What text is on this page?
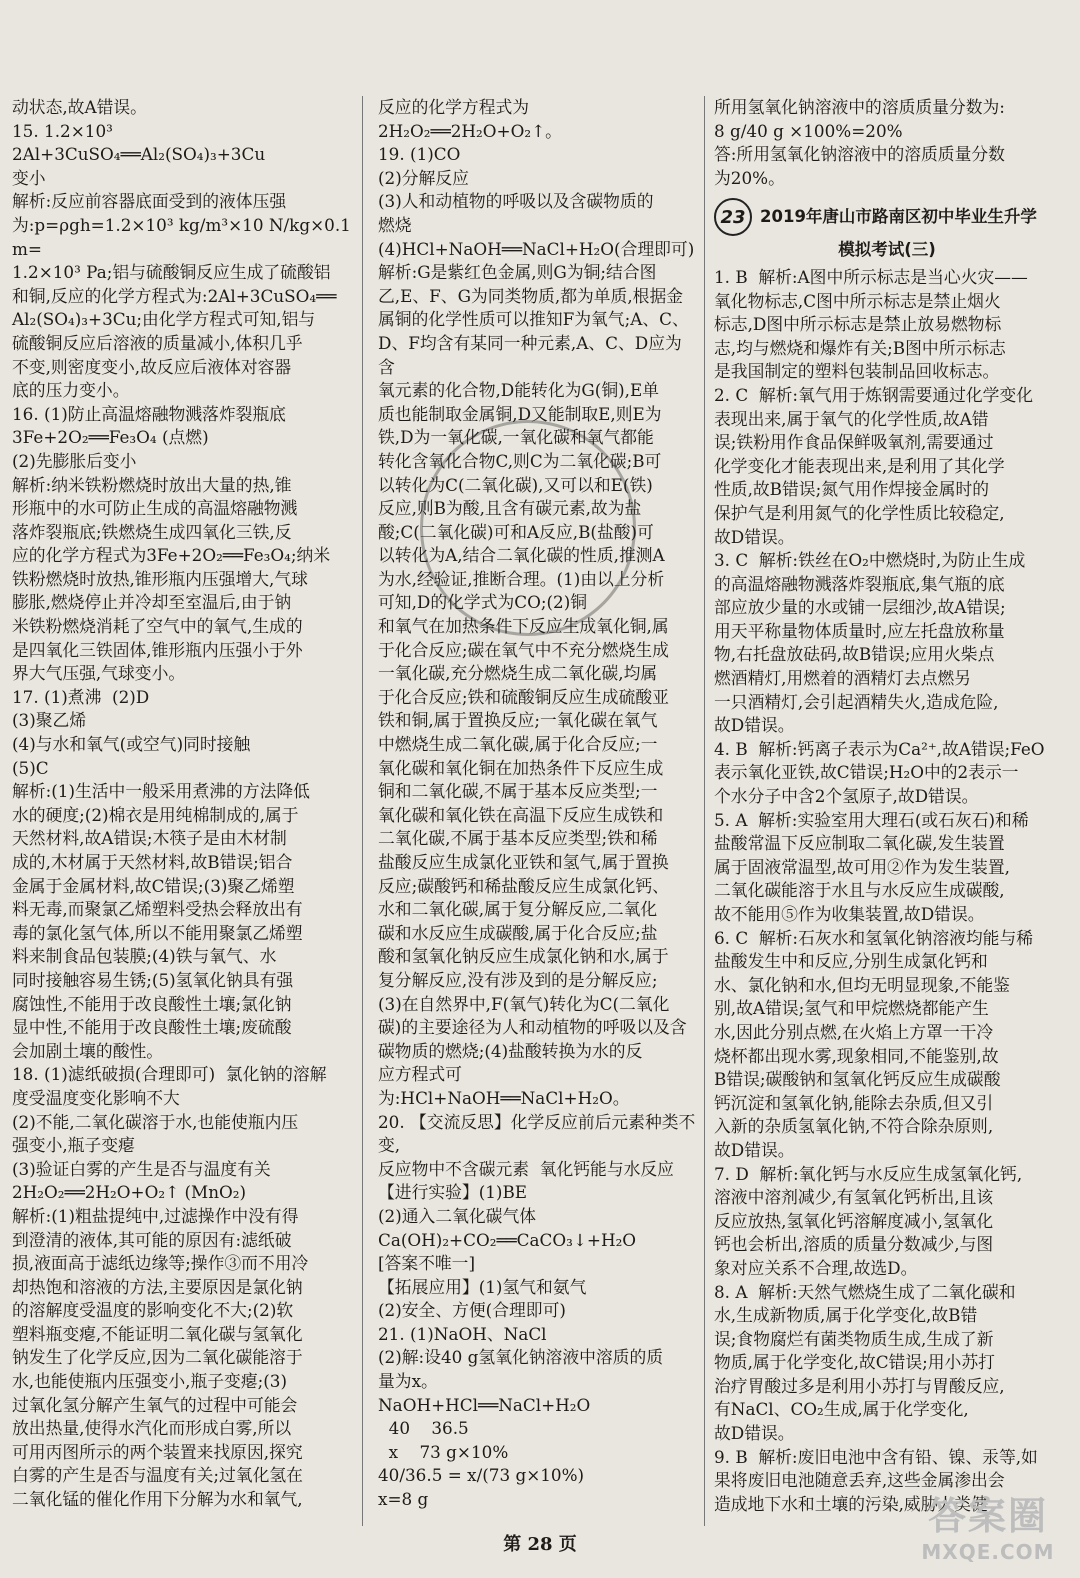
动状态,故A错误。

15. 1.2×10³  2Al+3CuSO₄══Al₂(SO₄)₃+3Cu

变小

解析:反应前容器底面受到的液体压强

为:p=ρgh=1.2×10³ kg/m³×10 N/kg×0.1 m=

1.2×10³ Pa;铝与硫酸铜反应生成了硫酸铝

和铜,反应的化学方程式为:2Al+3CuSO₄══

Al₂(SO₄)₃+3Cu;由化学方程式可知,铝与

硫酸铜反应后溶液的质量减小,体积几乎

不变,则密度变小,故反应后液体对容器

底的压力变小。

16. (1)防止高温熔融物溅落炸裂瓶底

3Fe+2O₂══Fe₃O₄ (点燃)

(2)先膨胀后变小

解析:纳米铁粉燃烧时放出大量的热,锥

形瓶中的水可防止生成的高温熔融物溅

落炸裂瓶底;铁燃烧生成四氧化三铁,反

应的化学方程式为3Fe+2O₂══Fe₃O₄;纳米

铁粉燃烧时放热,锥形瓶内压强增大,气球

膨胀,燃烧停止并冷却至室温后,由于钠

米铁粉燃烧消耗了空气中的氧气,生成的

是四氧化三铁固体,锥形瓶内压强小于外

界大气压强,气球变小。

17. (1)煮沸  (2)D

(3)聚乙烯

(4)与水和氧气(或空气)同时接触

(5)C

解析:(1)生活中一般采用煮沸的方法降低

水的硬度;(2)棉衣是用纯棉制成的,属于

天然材料,故A错误;木筷子是由木材制

成的,木材属于天然材料,故B错误;铝合

金属于金属材料,故C错误;(3)聚乙烯塑

料无毒,而聚氯乙烯塑料受热会释放出有

毒的氯化氢气体,所以不能用聚氯乙烯塑

料来制食品包装膜;(4)铁与氧气、水

同时接触容易生锈;(5)氢氧化钠具有强

腐蚀性,不能用于改良酸性土壤;氯化钠

显中性,不能用于改良酸性土壤;废硫酸

会加剧土壤的酸性。

18. (1)滤纸破损(合理即可)  氯化钠的溶解

度受温度变化影响不大

(2)不能,二氧化碳溶于水,也能使瓶内压

强变小,瓶子变瘪

(3)验证白雾的产生是否与温度有关

2H₂O₂══2H₂O+O₂↑ (MnO₂)

解析:(1)粗盐提纯中,过滤操作中没有得

到澄清的液体,其可能的原因有:滤纸破

损,液面高于滤纸边缘等;操作③而不用冷

却热饱和溶液的方法,主要原因是氯化钠

的溶解度受温度的影响变化不大;(2)软

塑料瓶变瘪,不能证明二氧化碳与氢氧化

钠发生了化学反应,因为二氧化碳能溶于

水,也能使瓶内压强变小,瓶子变瘪;(3)

过氧化氢分解产生氧气的过程中可能会

放出热量,使得水汽化而形成白雾,所以

可用丙图所示的两个装置来找原因,探究

白雾的产生是否与温度有关;过氧化氢在

二氧化锰的催化作用下分解为水和氧气,

反应的化学方程式为2H₂O₂══2H₂O+O₂↑。

19. (1)CO

(2)分解反应

(3)人和动植物的呼吸以及含碳物质的

燃烧

(4)HCl+NaOH══NaCl+H₂O(合理即可)

解析:G是紫红色金属,则G为铜;结合图

乙,E、F、G为同类物质,都为单质,根据金

属铜的化学性质可以推知F为氧气;A、C、

D、F均含有某同一种元素,A、C、D应为含

氧元素的化合物,D能转化为G(铜),E单

质也能制取金属铜,D又能制取E,则E为

铁,D为一氧化碳,一氧化碳和氧气都能

转化含氧化合物C,则C为二氧化碳;B可

以转化为C(二氧化碳),又可以和E(铁)

反应,则B为酸,且含有碳元素,故为盐

酸;C(二氧化碳)可和A反应,B(盐酸)可

以转化为A,结合二氧化碳的性质,推测A

为水,经验证,推断合理。(1)由以上分析

可知,D的化学式为CO;(2)铜

和氧气在加热条件下反应生成氧化铜,属

于化合反应;碳在氧气中不充分燃烧生成

一氧化碳,充分燃烧生成二氧化碳,均属

于化合反应;铁和硫酸铜反应生成硫酸亚

铁和铜,属于置换反应;一氧化碳在氧气

中燃烧生成二氧化碳,属于化合反应;一

氧化碳和氧化铜在加热条件下反应生成

铜和二氧化碳,不属于基本反应类型;一

氧化碳和氧化铁在高温下反应生成铁和

二氧化碳,不属于基本反应类型;铁和稀

盐酸反应生成氯化亚铁和氢气,属于置换

反应;碳酸钙和稀盐酸反应生成氯化钙、

水和二氧化碳,属于复分解反应,二氧化

碳和水反应生成碳酸,属于化合反应;盐

酸和氢氧化钠反应生成氯化钠和水,属于

复分解反应,没有涉及到的是分解反应;

(3)在自然界中,F(氧气)转化为C(二氧化

碳)的主要途径为人和动植物的呼吸以及含

碳物质的燃烧;(4)盐酸转换为水的反

应方程式可为:HCl+NaOH══NaCl+H₂O。

20. 【交流反思】化学反应前后元素种类不变,

反应物中不含碳元素  氧化钙能与水反应

【进行实验】(1)BE

(2)通入二氧化碳气体

Ca(OH)₂+CO₂══CaCO₃↓+H₂O

[答案不唯一]

【拓展应用】(1)氢气和氨气

(2)安全、方便(合理即可)

21. (1)NaOH、NaCl

(2)解:设40 g氢氧化钠溶液中溶质的质

量为x。

NaOH+HCl══NaCl+H₂O

40    36.5

x    73 g×10%

40/36.5 = x/(73 g×10%)

x=8 g

所用氢氧化钠溶液中的溶质质量分数为:

8 g/40 g ×100%=20%

答:所用氢氧化钠溶液中的溶质质量分数

为20%。

23 2019年唐山市路南区初中毕业生升学
模拟考试(三)

1. B  解析:A图中所示标志是当心火灾——

氧化物标志,C图中所示标志是禁止烟火

标志,D图中所示标志是禁止放易燃物标

志,均与燃烧和爆炸有关;B图中所示标志

是我国制定的塑料包装制品回收标志。

2. C  解析:氧气用于炼钢需要通过化学变化

表现出来,属于氧气的化学性质,故A错

误;铁粉用作食品保鲜吸氧剂,需要通过

化学变化才能表现出来,是利用了其化学

性质,故B错误;氮气用作焊接金属时的

保护气是利用氮气的化学性质比较稳定,

故D错误。

3. C  解析:铁丝在O₂中燃烧时,为防止生成

的高温熔融物溅落炸裂瓶底,集气瓶的底

部应放少量的水或铺一层细沙,故A错误;

用天平称量物体质量时,应左托盘放称量

物,右托盘放砝码,故B错误;应用火柴点

燃酒精灯,用燃着的酒精灯去点燃另

一只酒精灯,会引起酒精失火,造成危险,

故D错误。

4. B  解析:钙离子表示为Ca²⁺,故A错误;FeO

表示氧化亚铁,故C错误;H₂O中的2表示一

个水分子中含2个氢原子,故D错误。

5. A  解析:实验室用大理石(或石灰石)和稀

盐酸常温下反应制取二氧化碳,发生装置

属于固液常温型,故可用②作为发生装置,

二氧化碳能溶于水且与水反应生成碳酸,

故不能用⑤作为收集装置,故D错误。

6. C  解析:石灰水和氢氧化钠溶液均能与稀

盐酸发生中和反应,分别生成氯化钙和

水、氯化钠和水,但均无明显现象,不能鉴

别,故A错误;氢气和甲烷燃烧都能产生

水,因此分别点燃,在火焰上方罩一干冷

烧杯都出现水雾,现象相同,不能鉴别,故

B错误;碳酸钠和氢氧化钙反应生成碳酸

钙沉淀和氢氧化钠,能除去杂质,但又引

入新的杂质氢氧化钠,不符合除杂原则,

故D错误。

7. D  解析:氧化钙与水反应生成氢氧化钙,

溶液中溶剂减少,有氢氧化钙析出,且该

反应放热,氢氧化钙溶解度减小,氢氧化

钙也会析出,溶质的质量分数减少,与图

象对应关系不合理,故选D。

8. A  解析:天然气燃烧生成了二氧化碳和

水,生成新物质,属于化学变化,故B错

误;食物腐烂有菌类物质生成,生成了新

物质,属于化学变化,故C错误;用小苏打

治疗胃酸过多是利用小苏打与胃酸反应,

有NaCl、CO₂生成,属于化学变化,

故D错误。

9. B  解析:废旧电池中含有铅、镍、汞等,如

果将废旧电池随意丢弃,这些金属渗出会

造成地下水和土壤的污染,威胁人类健

第 28 页
答案圈
MXQE.COM
